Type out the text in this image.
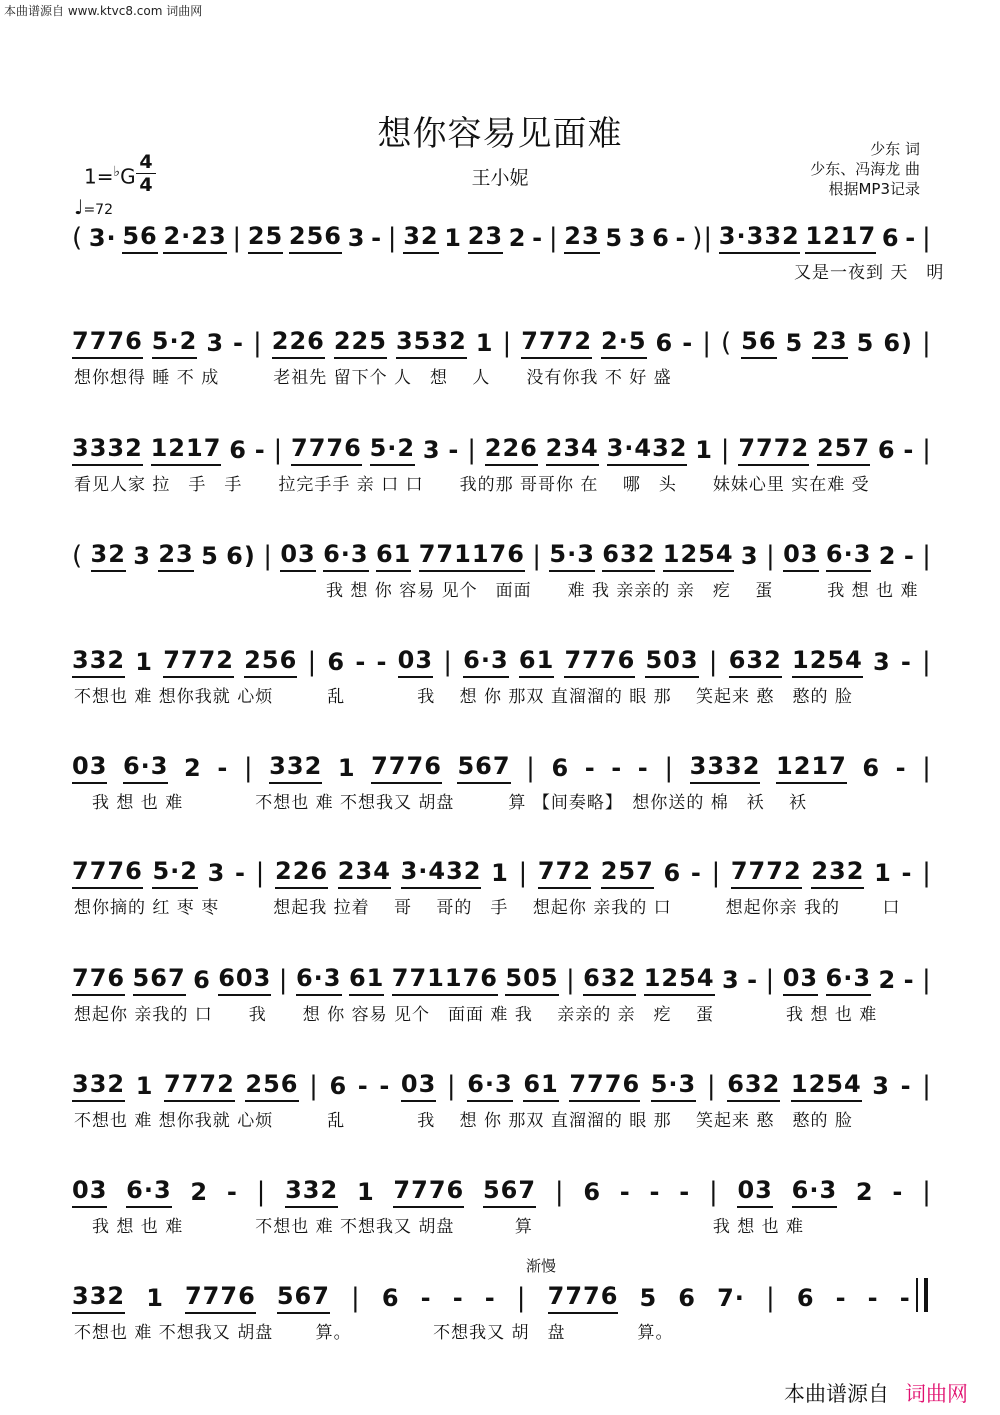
本曲谱源自 www.ktvc8.com 词曲网
想你容易见面难
王小妮
少东 词
少东、冯海龙 曲
根据MP3记录
1=♭G
4
4
♩=72
( 3· 56 2·23 | 25 256 3 - | 32 1 23 2 - | 23 5 3 6 - )| 3·332 1217 6 - |
　　　　　　　　　　　　　　　　　　　　　　　　　　　　　　　　　　　　　　　　又是一夜到 天　明
7776 5·2 3 - | 226 225 3532 1 | 7772 2·5 6 - | ( 56 5 23 5 6) |
想你想得 睡 不 成　　　老祖先 留下个 人　想　 人　　没有你我 不 好 盛
3332 1217 6 - | 7776 5·2 3 - | 226 234 3·432 1 | 7772 257 6 - |
看见人家 拉　手　手　　拉完手手 亲 口 口　　我的那 哥哥你 在　 哪　头　　妹妹心里 实在难 受
( 32 3 23 5 6) | 03 6·3 61 771176 | 5·3 632 1254 3 | 03 6·3 2 - |
　　　　　　　　　　　　　　我 想 你 容易 见个　面面　　难 我 亲亲的 亲　疙　 蛋　　　我 想 也 难
332 1 7772 256 | 6 - - 03 | 6·3 61 7776 503 | 632 1254 3 - |
不想也 难 想你我就 心烦　　　乱　　　　我　 想 你 那双 直溜溜的 眼 那　 笑起来 憨　憨的 脸
03 6·3 2 - | 332 1 7776 567 | 6 - - - | 3332 1217 6 - |
　我 想 也 难　　　　不想也 难 不想我又 胡盘　　　算 【间奏略】　想你送的 棉　袄　 袄
7776 5·2 3 - | 226 234 3·432 1 | 772 257 6 - | 7772 232 1 - |
想你摘的 红 枣 枣　　　想起我 拉着　 哥　 哥的　手　 想起你 亲我的 口　　　想起你亲 我的　　 口
776 567 6 603 | 6·3 61 771176 505 | 632 1254 3 - | 03 6·3 2 - |
想起你 亲我的 口　　我　　想 你 容易 见个　面面 难 我　 亲亲的 亲　疙　 蛋　　　　我 想 也 难
332 1 7772 256 | 6 - - 03 | 6·3 61 7776 5·3 | 632 1254 3 - |
不想也 难 想你我就 心烦　　　乱　　　　我　 想 你 那双 直溜溜的 眼 那　 笑起来 憨　憨的 脸
03 6·3 2 - | 332 1 7776 567 | 6 - - - | 03 6·3 2 - |
　我 想 也 难　　　　不想也 难 不想我又 胡盘　　　 算　　　　　　　　　　我 想 也 难
332 1 7776 567 | 6 - - - | 7776 5 6 7· | 6 - - -
不想也 难 不想我又 胡盘　　 算。　　　　　不想我又 胡　盘　　　　算。
渐慢
本曲谱源自 词曲网
